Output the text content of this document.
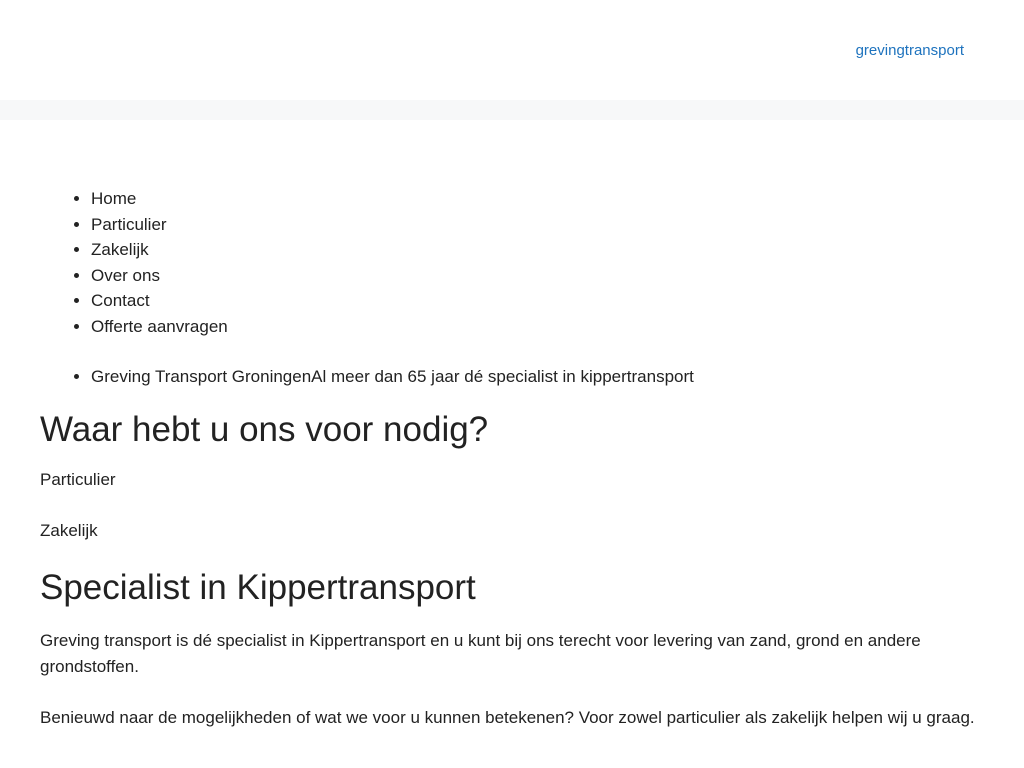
grevingtransport
• Home
• Particulier
• Zakelijk
• Over ons
• Contact
• Offerte aanvragen
• Greving Transport GroningenAl meer dan 65 jaar dé specialist in kippertransport
Waar hebt u ons voor nodig?

Particulier

Zakelijk

Specialist in Kippertransport

Greving transport is dé specialist in Kippertransport en u kunt bij ons terecht voor levering van zand, grond en andere grondstoffen.

Benieuwd naar de mogelijkheden of wat we voor u kunnen betekenen? Voor zowel particulier als zakelijk helpen wij u graag.
